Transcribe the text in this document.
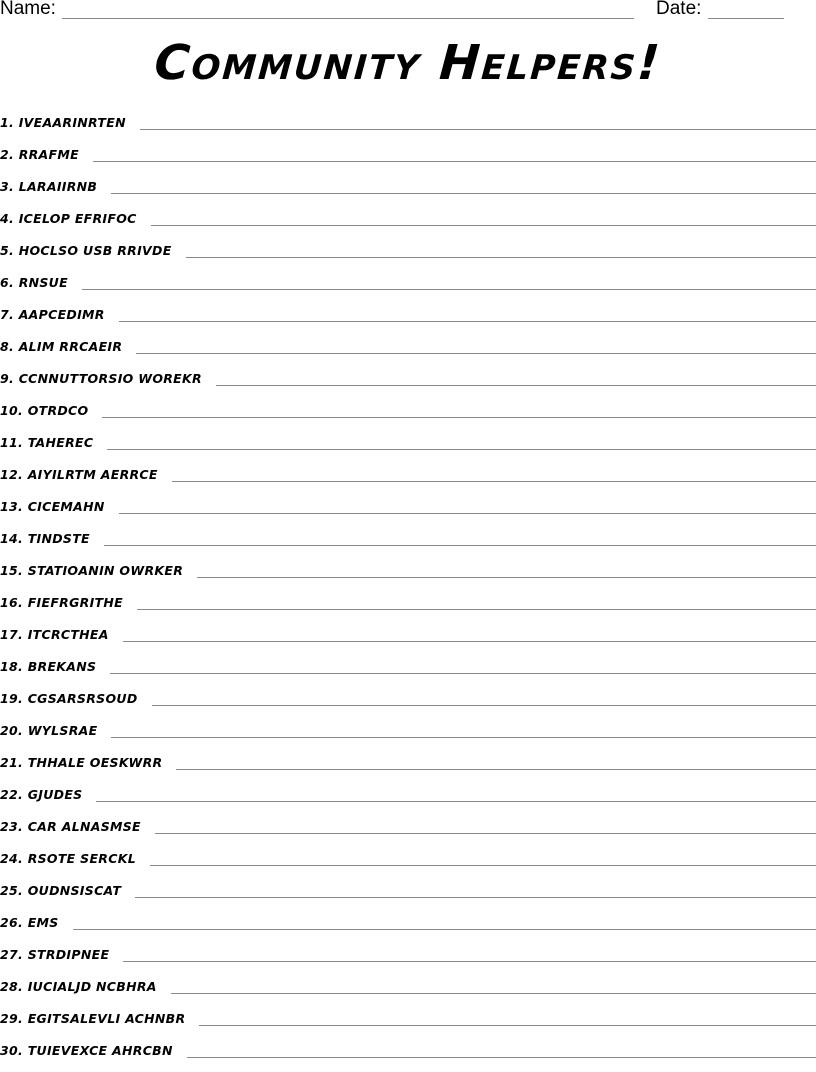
Name:	Date:
Community Helpers!
1. IVEAARINRTEN
2. RRAFME
3. LARAIIRNB
4. ICELOP EFRIFOC
5. HOCLSO USB RRIVDE
6. RNSUE
7. AAPCEDIMR
8. ALIM RRCAEIR
9. CCNNUTTORSIO WOREKR
10. OTRDCO
11. TAHEREC
12. AIYILRTM AERRCE
13. CICEMAHN
14. TINDSTE
15. STATIOANIN OWRKER
16. FIEFRGRITHE
17. ITCRCTHEA
18. BREKANS
19. CGSARSRSOUD
20. WYLSRAE
21. THHALE OESKWRR
22. GJUDES
23. CAR ALNASMSE
24. RSOTE SERCKL
25. OUDNSISCAT
26. EMS
27. STRDIPNEE
28. IUCIALJD NCBHRA
29. EGITSALEVLI ACHNBR
30. TUIEVEXCE AHRCBN
